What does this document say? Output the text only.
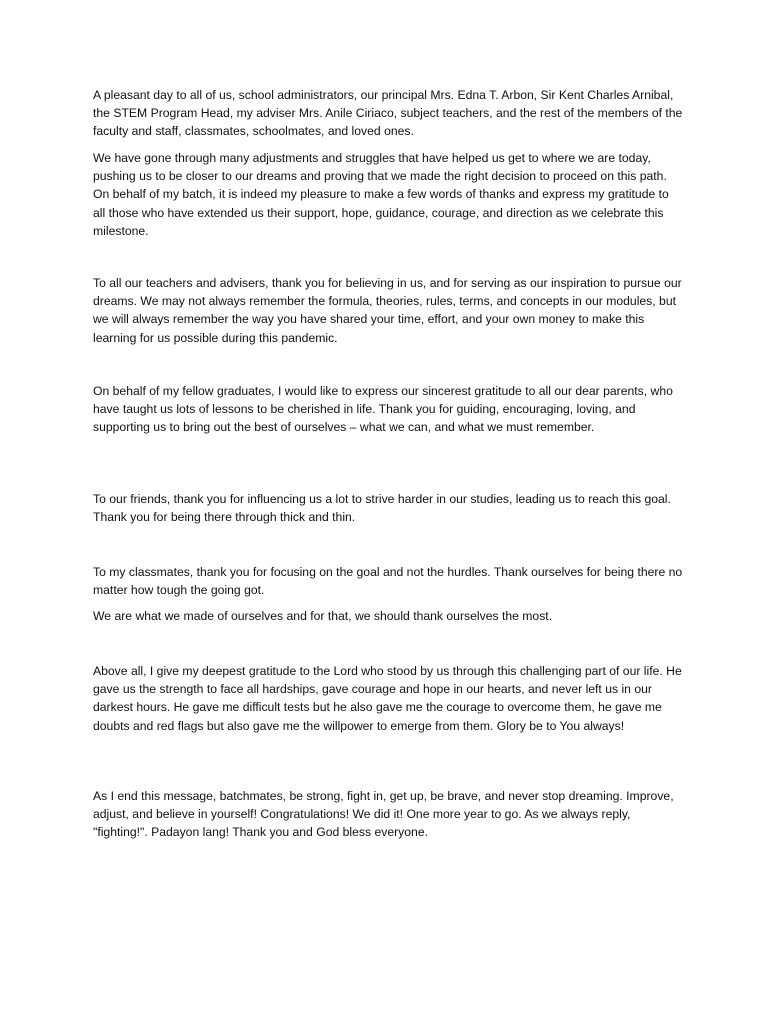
A pleasant day to all of us, school administrators, our principal Mrs. Edna T. Arbon, Sir Kent Charles Arnibal, the STEM Program Head, my adviser Mrs. Anile Ciriaco, subject teachers, and the rest of the members of the faculty and staff, classmates, schoolmates, and loved ones.

We have gone through many adjustments and struggles that have helped us get to where we are today, pushing us to be closer to our dreams and proving that we made the right decision to proceed on this path. On behalf of my batch, it is indeed my pleasure to make a few words of thanks and express my gratitude to all those who have extended us their support, hope, guidance, courage, and direction as we celebrate this milestone.

To all our teachers and advisers, thank you for believing in us, and for serving as our inspiration to pursue our dreams. We may not always remember the formula, theories, rules, terms, and concepts in our modules, but we will always remember the way you have shared your time, effort, and your own money to make this learning for us possible during this pandemic.

On behalf of my fellow graduates, I would like to express our sincerest gratitude to all our dear parents, who have taught us lots of lessons to be cherished in life. Thank you for guiding, encouraging, loving, and supporting us to bring out the best of ourselves – what we can, and what we must remember.

To our friends, thank you for influencing us a lot to strive harder in our studies, leading us to reach this goal. Thank you for being there through thick and thin.

To my classmates, thank you for focusing on the goal and not the hurdles. Thank ourselves for being there no matter how tough the going got.

We are what we made of ourselves and for that, we should thank ourselves the most.

Above all, I give my deepest gratitude to the Lord who stood by us through this challenging part of our life. He gave us the strength to face all hardships, gave courage and hope in our hearts, and never left us in our darkest hours. He gave me difficult tests but he also gave me the courage to overcome them, he gave me doubts and red flags but also gave me the willpower to emerge from them. Glory be to You always!

As I end this message, batchmates, be strong, fight in, get up, be brave, and never stop dreaming. Improve, adjust, and believe in yourself! Congratulations! We did it! One more year to go. As we always reply, "fighting!". Padayon lang! Thank you and God bless everyone.
